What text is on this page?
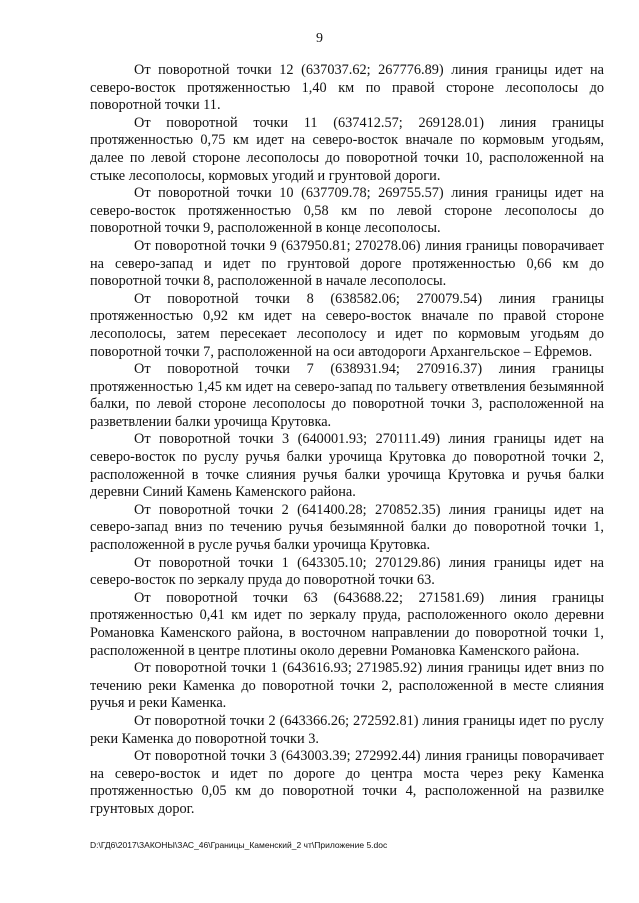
9

От поворотной точки 12 (637037.62; 267776.89) линия границы идет на северо-восток протяженностью 1,40 км по правой стороне лесополосы до поворотной точки 11.

От поворотной точки 11 (637412.57; 269128.01) линия границы протяженностью 0,75 км идет на северо-восток вначале по кормовым угодьям, далее по левой стороне лесополосы до поворотной точки 10, расположенной на стыке лесополосы, кормовых угодий и грунтовой дороги.

От поворотной точки 10 (637709.78; 269755.57) линия границы идет на северо-восток протяженностью 0,58 км по левой стороне лесополосы до поворотной точки 9, расположенной в конце лесополосы.

От поворотной точки 9 (637950.81; 270278.06) линия границы поворачивает на северо-запад и идет по грунтовой дороге протяженностью 0,66 км до поворотной точки 8, расположенной в начале лесополосы.

От поворотной точки 8 (638582.06; 270079.54) линия границы протяженностью 0,92 км идет на северо-восток вначале по правой стороне лесополосы, затем пересекает лесополосу и идет по кормовым угодьям до поворотной точки 7, расположенной на оси автодороги Архангельское – Ефремов.

От поворотной точки 7 (638931.94; 270916.37) линия границы протяженностью 1,45 км идет на северо-запад по тальвегу ответвления безымянной балки, по левой стороне лесополосы до поворотной точки 3, расположенной на разветвлении балки урочища Крутовка.

От поворотной точки 3 (640001.93; 270111.49) линия границы идет на северо-восток по руслу ручья балки урочища Крутовка до поворотной точки 2, расположенной в точке слияния ручья балки урочища Крутовка и ручья балки деревни Синий Камень Каменского района.

От поворотной точки 2 (641400.28; 270852.35) линия границы идет на северо-запад вниз по течению ручья безымянной балки до поворотной точки 1, расположенной в русле ручья балки урочища Крутовка.

От поворотной точки 1 (643305.10; 270129.86) линия границы идет на северо-восток по зеркалу пруда до поворотной точки 63.

От поворотной точки 63 (643688.22; 271581.69) линия границы протяженностью 0,41 км идет по зеркалу пруда, расположенного около деревни Романовка Каменского района, в восточном направлении до поворотной точки 1, расположенной в центре плотины около деревни Романовка Каменского района.

От поворотной точки 1 (643616.93; 271985.92) линия границы идет вниз по течению реки Каменка до поворотной точки 2, расположенной в месте слияния ручья и реки Каменка.

От поворотной точки 2 (643366.26; 272592.81) линия границы идет по руслу реки Каменка до поворотной точки 3.

От поворотной точки 3 (643003.39; 272992.44) линия границы поворачивает на северо-восток и идет по дороге до центра моста через реку Каменка протяженностью 0,05 км до поворотной точки 4, расположенной на развилке грунтовых дорог.

D:\ГД6\2017\ЗАКОНЫ\ЗАС_46\Границы_Каменский_2 чт\Приложение 5.doc
